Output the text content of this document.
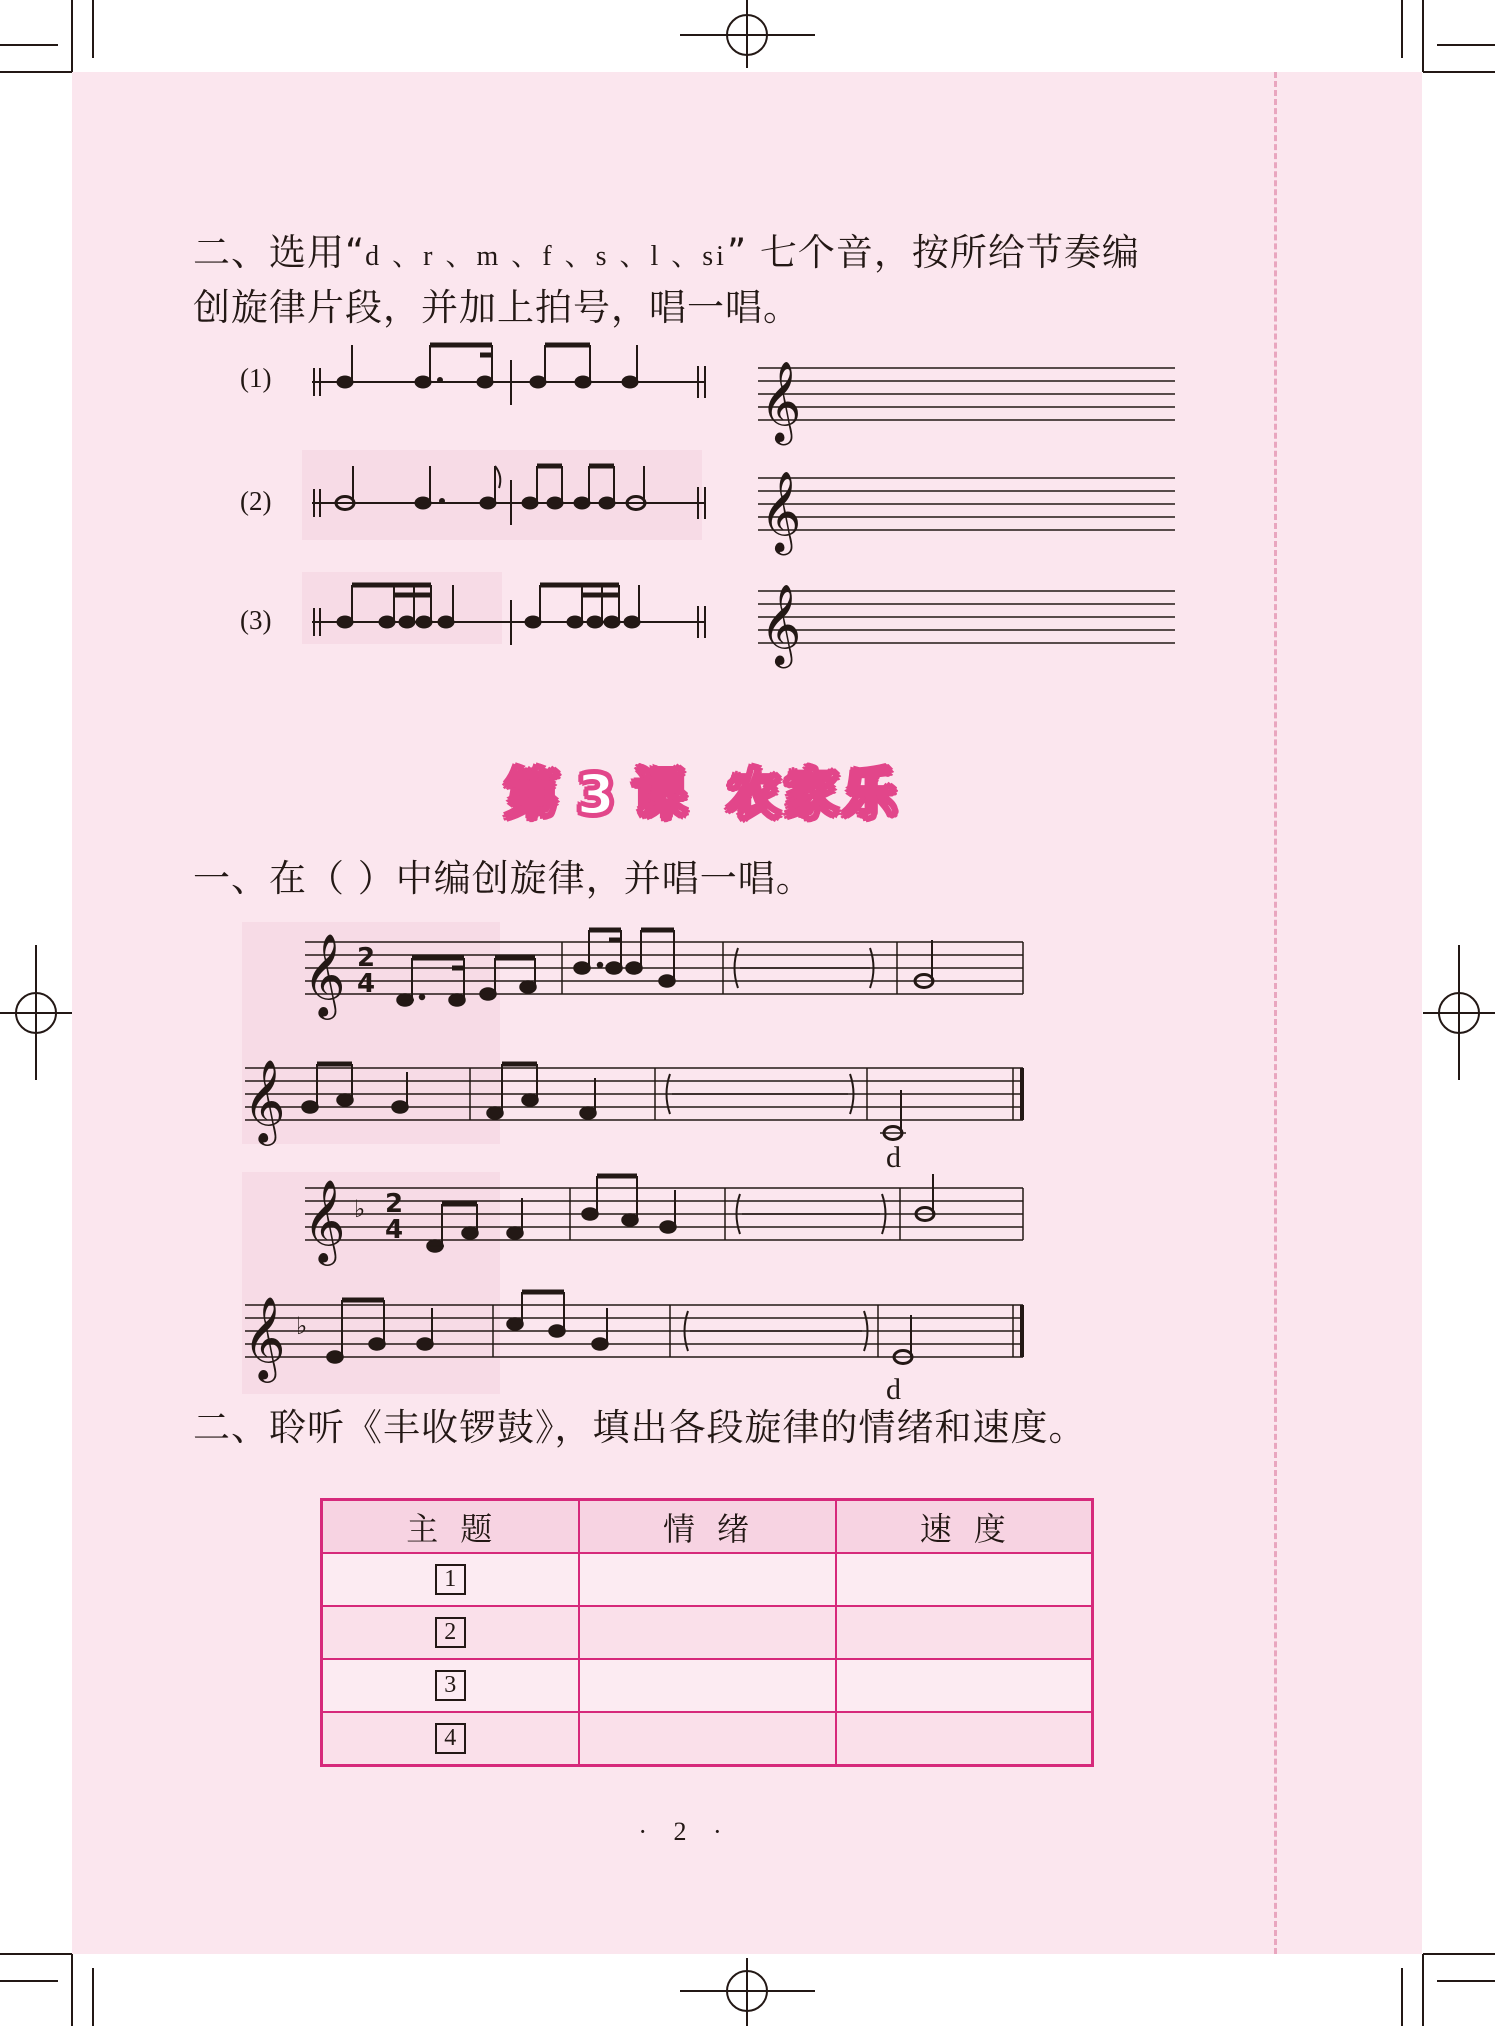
二、选用“d 、r 、m 、f 、s 、l 、si” 七个音，按所给节奏编

创旋律片段，并加上拍号，唱一唱。

(1)
(2)
(3)
𝄞
𝄞
𝄞
第 3 课 农家乐

一、在（ ）中编创旋律，并唱一唱。

d
d
𝄞 2
4
𝄞
𝄞 ♭ 2
4
𝄞 ♭

二、聆听《丰收锣鼓》，填出各段旋律的情绪和速度。

主题	情绪	速度
1		
2		
3		
4		
· 2 ·
